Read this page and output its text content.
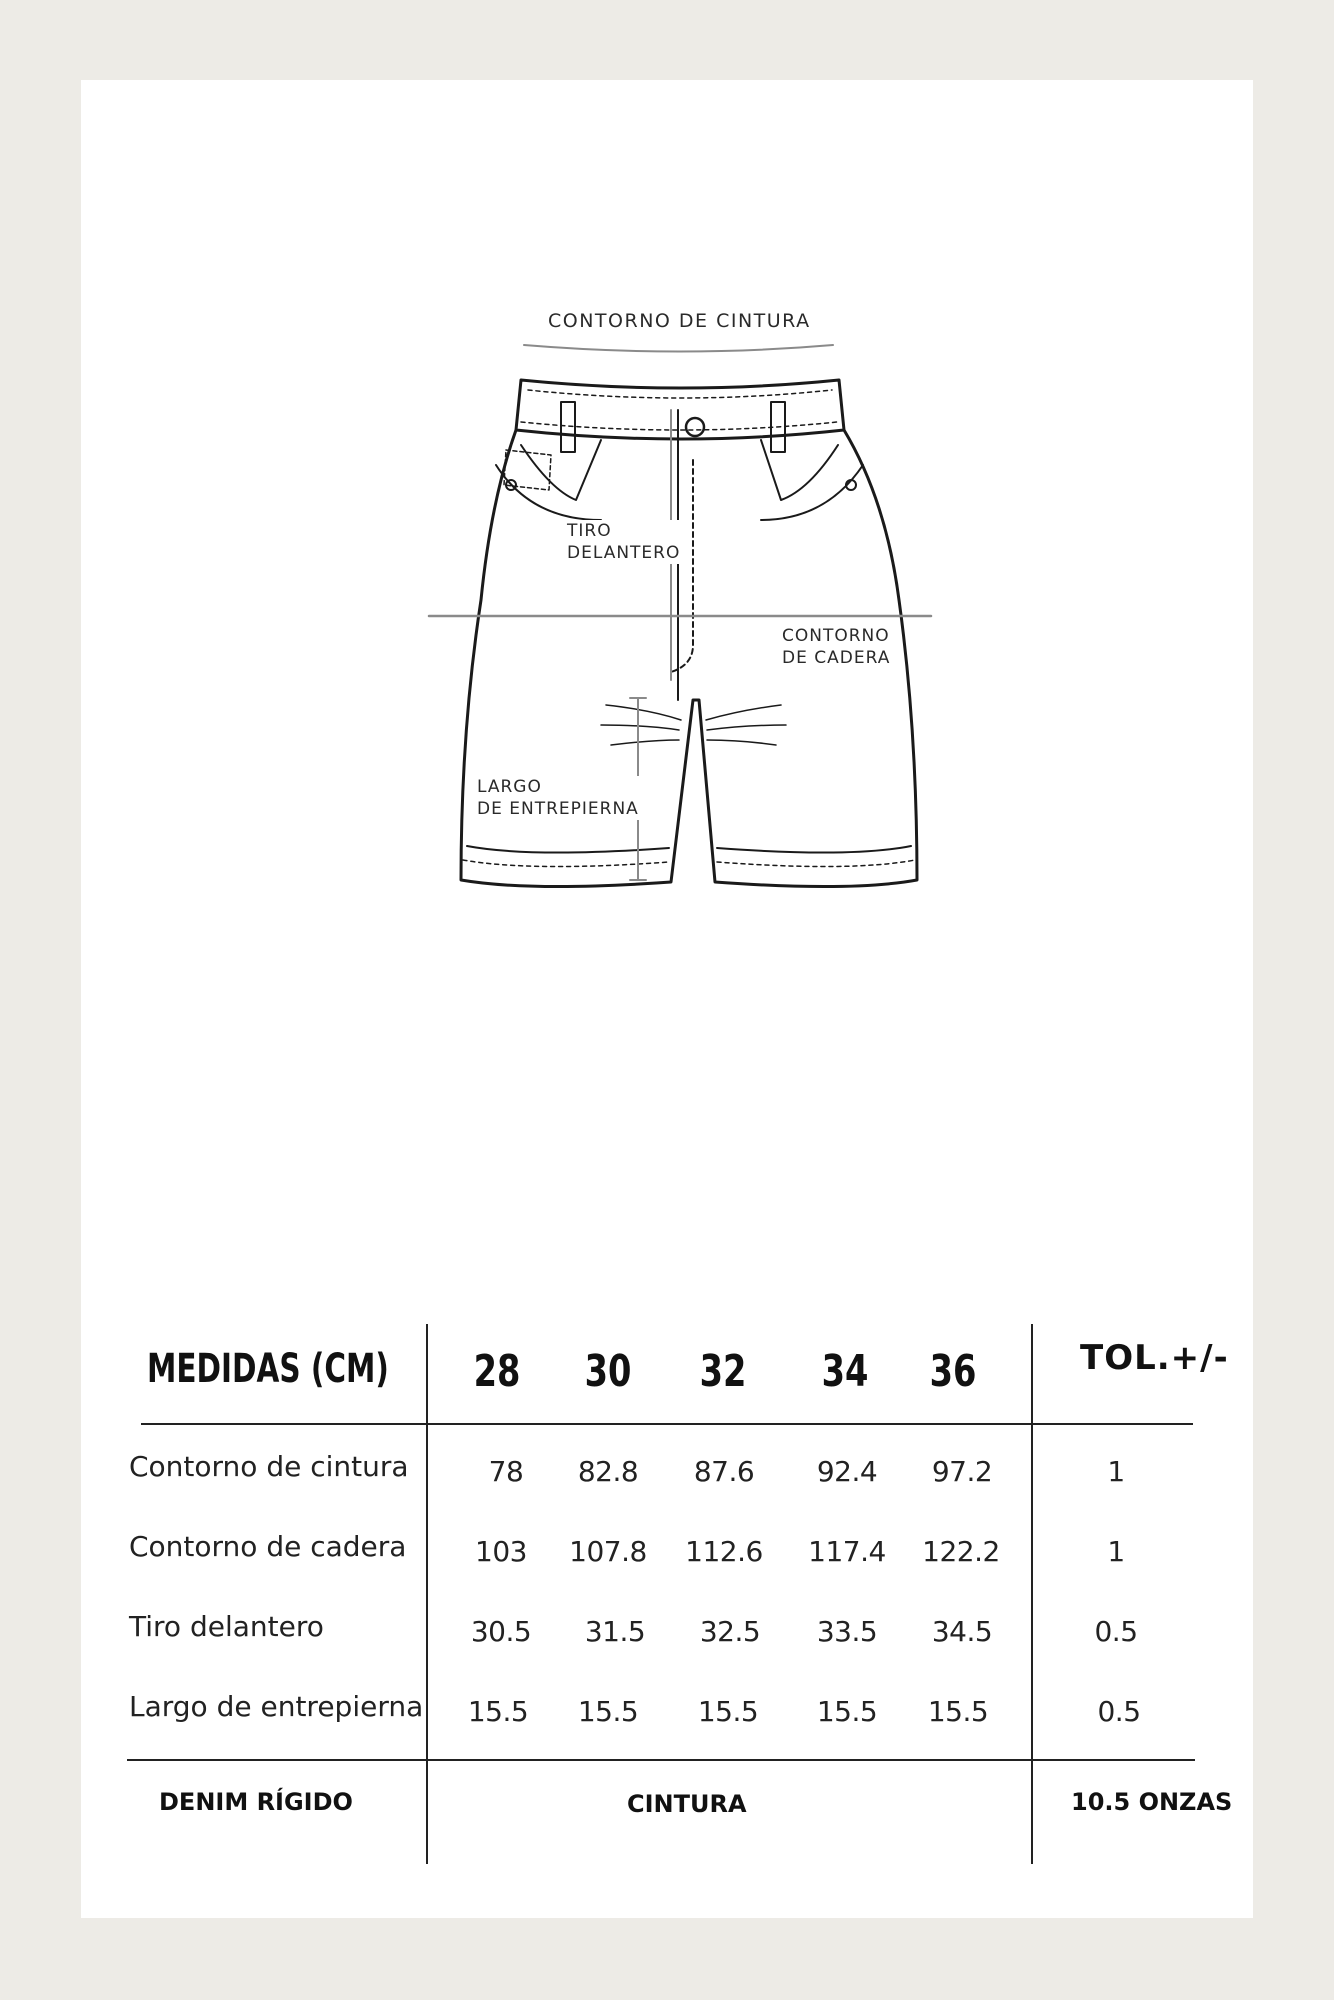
CONTORNO DE CINTURA
TIRO
DELANTERO
CONTORNO
DE CADERA
LARGO
DE ENTREPIERNA
MEDIDAS (CM)	28	30	32	34	36	TOL.+/-
Contorno de cintura	78	82.8	87.6	92.4	97.2	1
Contorno de cadera	103	107.8	112.6	117.4	122.2	1
Tiro delantero	30.5	31.5	32.5	33.5	34.5	0.5
Largo de entrepierna	15.5	15.5	15.5	15.5	15.5	0.5
DENIM RÍGIDO	CINTURA	10.5 ONZAS
